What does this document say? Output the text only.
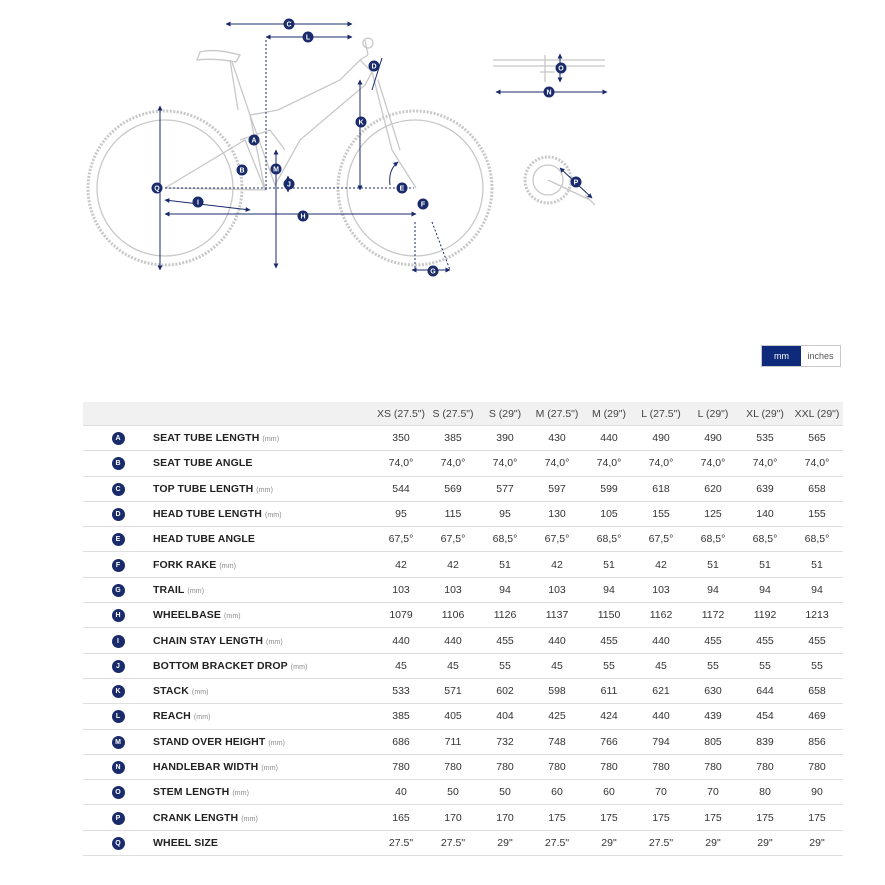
A
B
C
D
E
F
G
H
I
J
K
L
M
N
O
P
Q
mm	inches
		XS (27.5")	S (27.5")	S (29")	M (27.5")	M (29")	L (27.5")	L (29")	XL (29")	XXL (29")
A	SEAT TUBE LENGTH (mm)	350	385	390	430	440	490	490	535	565
B	SEAT TUBE ANGLE	74,0°	74,0°	74,0°	74,0°	74,0°	74,0°	74,0°	74,0°	74,0°
C	TOP TUBE LENGTH (mm)	544	569	577	597	599	618	620	639	658
D	HEAD TUBE LENGTH (mm)	95	115	95	130	105	155	125	140	155
E	HEAD TUBE ANGLE	67,5°	67,5°	68,5°	67,5°	68,5°	67,5°	68,5°	68,5°	68,5°
F	FORK RAKE (mm)	42	42	51	42	51	42	51	51	51
G	TRAIL (mm)	103	103	94	103	94	103	94	94	94
H	WHEELBASE (mm)	1079	1106	1126	1137	1150	1162	1172	1192	1213
I	CHAIN STAY LENGTH (mm)	440	440	455	440	455	440	455	455	455
J	BOTTOM BRACKET DROP (mm)	45	45	55	45	55	45	55	55	55
K	STACK (mm)	533	571	602	598	611	621	630	644	658
L	REACH (mm)	385	405	404	425	424	440	439	454	469
M	STAND OVER HEIGHT (mm)	686	711	732	748	766	794	805	839	856
N	HANDLEBAR WIDTH (mm)	780	780	780	780	780	780	780	780	780
O	STEM LENGTH (mm)	40	50	50	60	60	70	70	80	90
P	CRANK LENGTH (mm)	165	170	170	175	175	175	175	175	175
Q	WHEEL SIZE	27.5"	27.5"	29"	27.5"	29"	27.5"	29"	29"	29"
